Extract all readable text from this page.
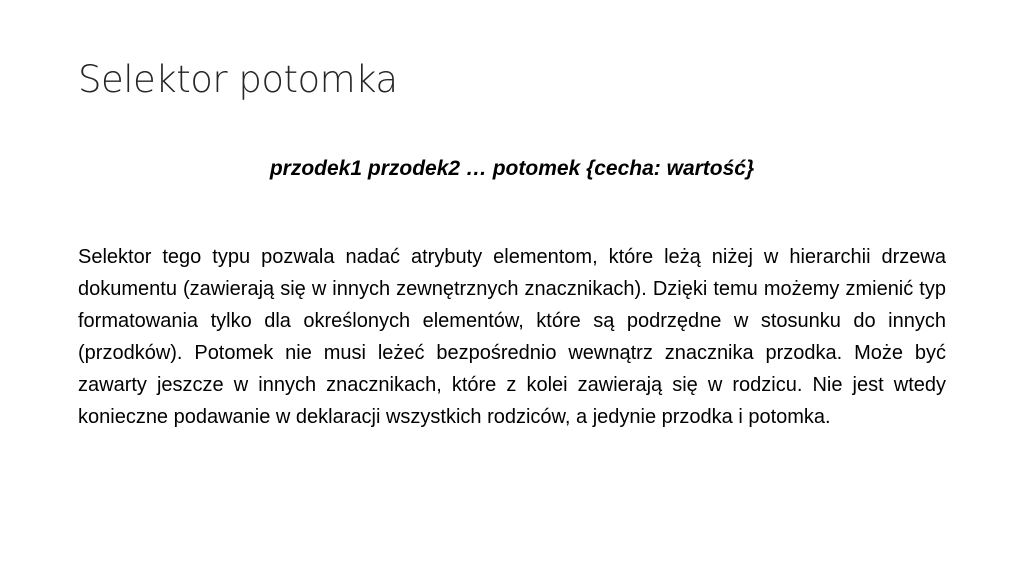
Selektor potomka

przodek1 przodek2 … potomek {cecha: wartość}

Selektor tego typu pozwala nadać atrybuty elementom, które leżą niżej w hierarchii drzewa dokumentu (zawierają się w innych zewnętrznych znacznikach). Dzięki temu możemy zmienić typ formatowania tylko dla określonych elementów, które są podrzędne w stosunku do innych (przodków). Potomek nie musi leżeć bezpośrednio wewnątrz znacznika przodka. Może być zawarty jeszcze w innych znacznikach, które z kolei zawierają się w rodzicu. Nie jest wtedy konieczne podawanie w deklaracji wszystkich rodziców, a jedynie przodka i potomka.
